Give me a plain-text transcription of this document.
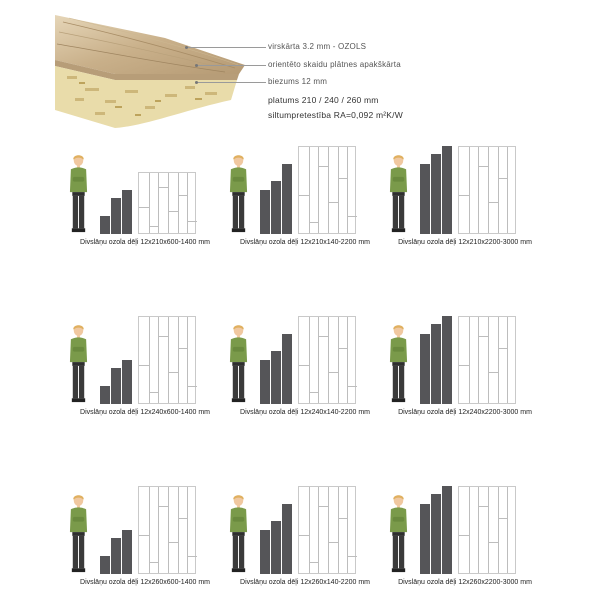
virskārta 3.2 mm - OZOLS
orientēto skaidu plātnes apakškārta
biezums 12 mm
platums 210 / 240 / 260 mm
siltumpretestība RA=0,092 m²K/W
Divslāņu ozola dēļi 12x210x600-1400 mm	Divslāņu ozola dēļi 12x210x140-2200 mm	Divslāņu ozola dēļi 12x210x2200-3000 mm
Divslāņu ozola dēļi 12x240x600-1400 mm	Divslāņu ozola dēļi 12x240x140-2200 mm	Divslāņu ozola dēļi 12x240x2200-3000 mm
Divslāņu ozola dēļi 12x260x600-1400 mm	Divslāņu ozola dēļi 12x260x140-2200 mm	Divslāņu ozola dēļi 12x260x2200-3000 mm
